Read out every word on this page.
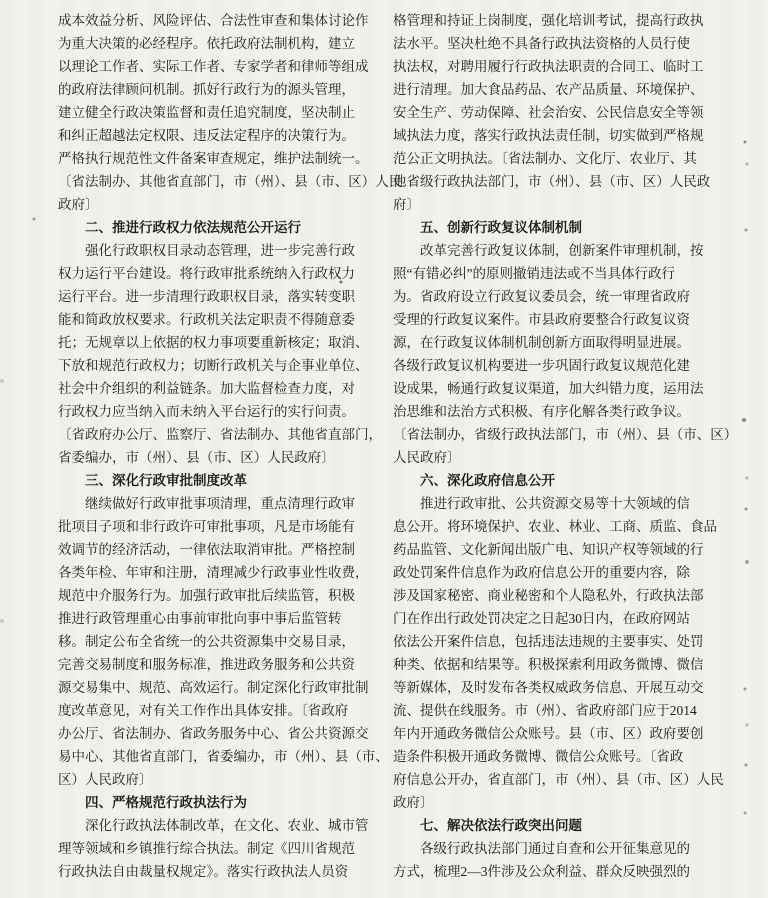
成本效益分析、风险评估、合法性审查和集体讨论作
为重大决策的必经程序。依托政府法制机构，建立
以理论工作者、实际工作者、专家学者和律师等组成
的政府法律顾问机制。抓好行政行为的源头管理，
建立健全行政决策监督和责任追究制度，坚决制止
和纠正超越法定权限、违反法定程序的决策行为。
严格执行规范性文件备案审查规定，维护法制统一。
〔省法制办、其他省直部门，市（州）、县（市、区）人民
政府〕
二、推进行政权力依法规范公开运行
强化行政职权目录动态管理，进一步完善行政
权力运行平台建设。将行政审批系统纳入行政权力
运行平台。进一步清理行政职权目录，落实转变职
能和简政放权要求。行政机关法定职责不得随意委
托；无规章以上依据的权力事项要重新核定；取消、
下放和规范行政权力；切断行政机关与企事业单位、
社会中介组织的利益链条。加大监督检查力度，对
行政权力应当纳入而未纳入平台运行的实行问责。
〔省政府办公厅、监察厅、省法制办、其他省直部门，
省委编办，市（州）、县（市、区）人民政府〕
三、深化行政审批制度改革
继续做好行政审批事项清理，重点清理行政审
批项目子项和非行政许可审批事项，凡是市场能有
效调节的经济活动，一律依法取消审批。严格控制
各类年检、年审和注册，清理减少行政事业性收费，
规范中介服务行为。加强行政审批后续监管，积极
推进行政管理重心由事前审批向事中事后监管转
移。制定公布全省统一的公共资源集中交易目录，
完善交易制度和服务标准，推进政务服务和公共资
源交易集中、规范、高效运行。制定深化行政审批制
度改革意见，对有关工作作出具体安排。〔省政府
办公厅、省法制办、省政务服务中心、省公共资源交
易中心、其他省直部门，省委编办，市（州）、县（市、
区）人民政府〕
四、严格规范行政执法行为
深化行政执法体制改革，在文化、农业、城市管
理等领域和乡镇推行综合执法。制定《四川省规范
行政执法自由裁量权规定》。落实行政执法人员资
格管理和持证上岗制度，强化培训考试，提高行政执
法水平。坚决杜绝不具备行政执法资格的人员行使
执法权，对聘用履行行政执法职责的合同工、临时工
进行清理。加大食品药品、农产品质量、环境保护、
安全生产、劳动保障、社会治安、公民信息安全等领
域执法力度，落实行政执法责任制，切实做到严格规
范公正文明执法。〔省法制办、文化厅、农业厅、其
他省级行政执法部门，市（州）、县（市、区）人民政
府〕
五、创新行政复议体制机制
改革完善行政复议体制，创新案件审理机制，按
照“有错必纠”的原则撤销违法或不当具体行政行
为。省政府设立行政复议委员会，统一审理省政府
受理的行政复议案件。市县政府要整合行政复议资
源，在行政复议体制机制创新方面取得明显进展。
各级行政复议机构要进一步巩固行政复议规范化建
设成果，畅通行政复议渠道，加大纠错力度，运用法
治思维和法治方式积极、有序化解各类行政争议。
〔省法制办，省级行政执法部门，市（州）、县（市、区）
人民政府〕
六、深化政府信息公开
推进行政审批、公共资源交易等十大领域的信
息公开。将环境保护、农业、林业、工商、质监、食品
药品监管、文化新闻出版广电、知识产权等领域的行
政处罚案件信息作为政府信息公开的重要内容，除
涉及国家秘密、商业秘密和个人隐私外，行政执法部
门在作出行政处罚决定之日起30日内，在政府网站
依法公开案件信息，包括违法违规的主要事实、处罚
种类、依据和结果等。积极探索利用政务微博、微信
等新媒体，及时发布各类权威政务信息、开展互动交
流、提供在线服务。市（州）、省政府部门应于2014
年内开通政务微信公众账号。县（市、区）政府要创
造条件积极开通政务微博、微信公众账号。〔省政
府信息公开办，省直部门，市（州）、县（市、区）人民
政府〕
七、解决依法行政突出问题
各级行政执法部门通过自查和公开征集意见的
方式，梳理2—3件涉及公众利益、群众反映强烈的
